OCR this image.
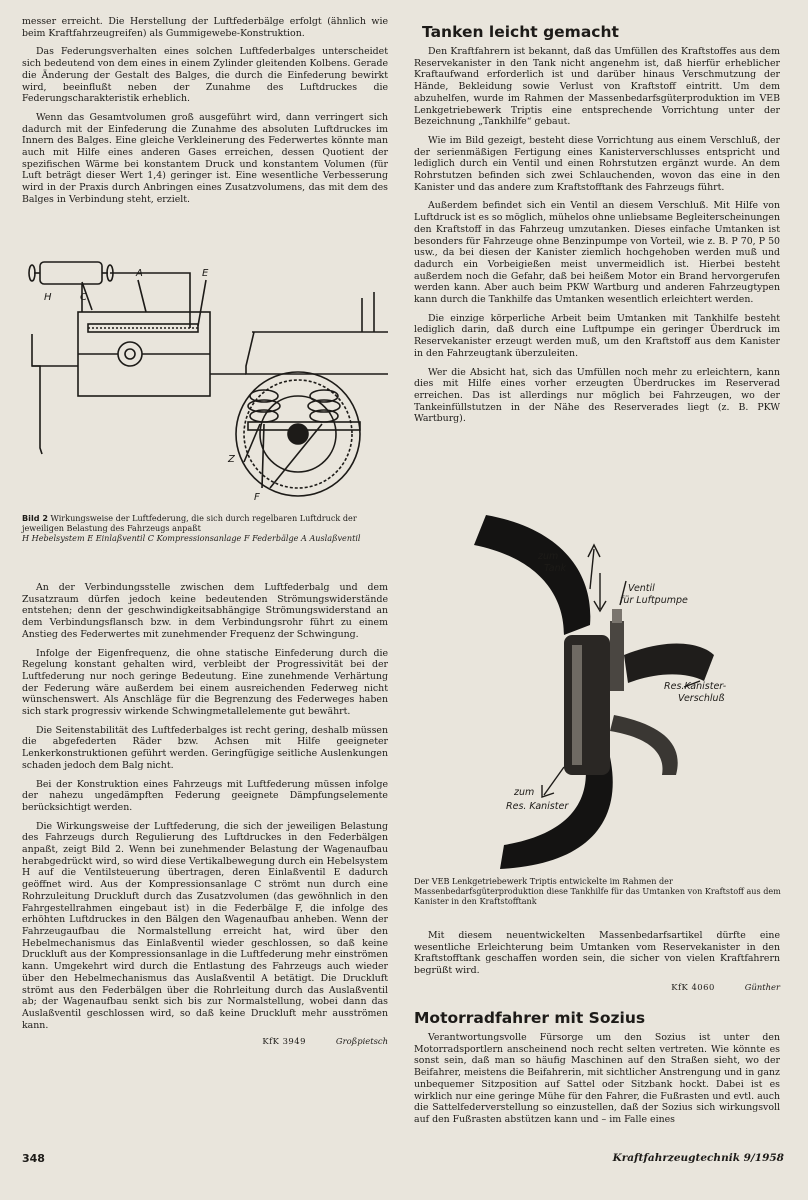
messer erreicht. Die Herstellung der Luftfederbälge erfolgt (ähnlich wie beim Kraftfahrzeugreifen) als Gummigewebe-Konstruktion.

Das Federungsverhalten eines solchen Luftfederbalges unterscheidet sich bedeutend von dem eines in einem Zylinder gleitenden Kolbens. Gerade die Änderung der Gestalt des Balges, die durch die Einfederung bewirkt wird, beeinflußt neben der Zunahme des Luftdruckes die Federungscharakteristik erheblich.

Wenn das Gesamtvolumen groß ausgeführt wird, dann verringert sich dadurch mit der Einfederung die Zunahme des absoluten Luftdruckes im Innern des Balges. Eine gleiche Verkleinerung des Federwertes könnte man auch mit Hilfe eines anderen Gases erreichen, dessen Quotient der spezifischen Wärme bei konstantem Druck und konstantem Volumen (für Luft beträgt dieser Wert 1,4) geringer ist. Eine wesentliche Verbesserung wird in der Praxis durch Anbringen eines Zusatzvolumens, das mit dem des Balges in Verbindung steht, erzielt.

A
C
E
H
Z
F
Bild 2 Wirkungsweise der Luftfederung, die sich durch regelbaren Luftdruck der jeweiligen Belastung des Fahrzeugs anpaßt
H Hebelsystem E Einlaßventil C Kompressionsanlage F Federbälge A Auslaßventil

An der Verbindungsstelle zwischen dem Luftfederbalg und dem Zusatzraum dürfen jedoch keine bedeutenden Strömungswiderstände entstehen; denn der geschwindigkeitsabhängige Strömungswiderstand an dem Verbindungsflansch bzw. in dem Verbindungsrohr führt zu einem Anstieg des Federwertes mit zunehmender Frequenz der Schwingung.

Infolge der Eigenfrequenz, die ohne statische Einfederung durch die Regelung konstant gehalten wird, verbleibt der Progressivität bei der Luftfederung nur noch geringe Bedeutung. Eine zunehmende Verhärtung der Federung wäre außerdem bei einem ausreichenden Federweg nicht wünschenswert. Als Anschläge für die Begrenzung des Federweges haben sich stark progressiv wirkende Schwingmetallelemente gut bewährt.

Die Seitenstabilität des Luftfederbalges ist recht gering, deshalb müssen die abgefederten Räder bzw. Achsen mit Hilfe geeigneter Lenkerkonstruktionen geführt werden. Geringfügige seitliche Auslenkungen schaden jedoch dem Balg nicht.

Bei der Konstruktion eines Fahrzeugs mit Luftfederung müssen infolge der nahezu ungedämpften Federung geeignete Dämpfungselemente berücksichtigt werden.

Die Wirkungsweise der Luftfederung, die sich der jeweiligen Belastung des Fahrzeugs durch Regulierung des Luftdruckes in den Federbälgen anpaßt, zeigt Bild 2. Wenn bei zunehmender Belastung der Wagenaufbau herabgedrückt wird, so wird diese Vertikalbewegung durch ein Hebelsystem H auf die Ventilsteuerung übertragen, deren Einlaßventil E dadurch geöffnet wird. Aus der Kompressionsanlage C strömt nun durch eine Rohrzuleitung Druckluft durch das Zusatzvolumen (das gewöhnlich in den Fahrgestellrahmen eingebaut ist) in die Federbälge F, die infolge des erhöhten Luftdruckes in den Bälgen den Wagenaufbau anheben. Wenn der Fahrzeugaufbau die Normalstellung erreicht hat, wird über den Hebelmechanismus das Einlaßventil wieder geschlossen, so daß keine Druckluft aus der Kompressionsanlage in die Luftfederung mehr einströmen kann. Umgekehrt wird durch die Entlastung des Fahrzeugs auch wieder über den Hebelmechanismus das Auslaßventil A betätigt. Die Druckluft strömt aus den Federbälgen über die Rohrleitung durch das Auslaßventil ab; der Wagenaufbau senkt sich bis zur Normalstellung, wobei dann das Auslaßventil geschlossen wird, so daß keine Druckluft mehr ausströmen kann.

KfK 3949	Großpietsch
Tanken leicht gemacht

Den Kraftfahrern ist bekannt, daß das Umfüllen des Kraftstoffes aus dem Reservekanister in den Tank nicht angenehm ist, daß hierfür erheblicher Kraftaufwand erforderlich ist und darüber hinaus Verschmutzung der Hände, Bekleidung sowie Verlust von Kraftstoff eintritt. Um dem abzuhelfen, wurde im Rahmen der Massenbedarfsgüterproduktion im VEB Lenkgetriebewerk Triptis eine entsprechende Vorrichtung unter der Bezeichnung „Tankhilfe“ gebaut.

Wie im Bild gezeigt, besteht diese Vorrichtung aus einem Verschluß, der der serienmäßigen Fertigung eines Kanisterverschlusses entspricht und lediglich durch ein Ventil und einen Rohrstutzen ergänzt wurde. An dem Rohrstutzen befinden sich zwei Schlauchenden, wovon das eine in den Kanister und das andere zum Kraftstofftank des Fahrzeugs führt.

Außerdem befindet sich ein Ventil an diesem Verschluß. Mit Hilfe von Luftdruck ist es so möglich, mühelos ohne unliebsame Begleiterscheinungen den Kraftstoff in das Fahrzeug umzutanken. Dieses einfache Umtanken ist besonders für Fahrzeuge ohne Benzinpumpe von Vorteil, wie z. B. P 70, P 50 usw., da bei diesen der Kanister ziemlich hochgehoben werden muß und dadurch ein Vorbeigießen meist unvermeidlich ist. Hierbei besteht außerdem noch die Gefahr, daß bei heißem Motor ein Brand hervorgerufen werden kann. Aber auch beim PKW Wartburg und anderen Fahrzeugtypen kann durch die Tankhilfe das Umtanken wesentlich erleichtert werden.

Die einzige körperliche Arbeit beim Umtanken mit Tankhilfe besteht lediglich darin, daß durch eine Luftpumpe ein geringer Überdruck im Reservekanister erzeugt werden muß, um den Kraftstoff aus dem Kanister in den Fahrzeugtank überzuleiten.

Wer die Absicht hat, sich das Umfüllen noch mehr zu erleichtern, kann dies mit Hilfe eines vorher erzeugten Überdruckes im Reserverad erreichen. Das ist allerdings nur möglich bei Fahrzeugen, wo der Tankeinfüllstutzen in der Nähe des Reserverades liegt (z. B. PKW Wartburg).

zum Tank
Ventil für Luftpumpe
Res.Kanister-Verschluß
zum Res. Kanister
Der VEB Lenkgetriebewerk Triptis entwickelte im Rahmen der Massenbedarfsgüterproduktion diese Tankhilfe für das Umtanken von Kraftstoff aus dem Kanister in den Kraftstofftank

Mit diesem neuentwickelten Massenbedarfsartikel dürfte eine wesentliche Erleichterung beim Umtanken vom Reservekanister in den Kraftstofftank geschaffen worden sein, die sicher von vielen Kraftfahrern begrüßt wird.

KfK 4060	Günther
Motorradfahrer mit Sozius

Verantwortungsvolle Fürsorge um den Sozius ist unter den Motorradsportlern anscheinend noch recht selten vertreten. Wie könnte es sonst sein, daß man so häufig Maschinen auf den Straßen sieht, wo der Beifahrer, meistens die Beifahrerin, mit sichtlicher Anstrengung und in ganz unbequemer Sitzposition auf Sattel oder Sitzbank hockt. Dabei ist es wirklich nur eine geringe Mühe für den Fahrer, die Fußrasten und evtl. auch die Sattelfederverstellung so einzustellen, daß der Sozius sich wirkungsvoll auf den Fußrasten abstützen kann und – im Falle eines

348	Kraftfahrzeugtechnik 9/1958
